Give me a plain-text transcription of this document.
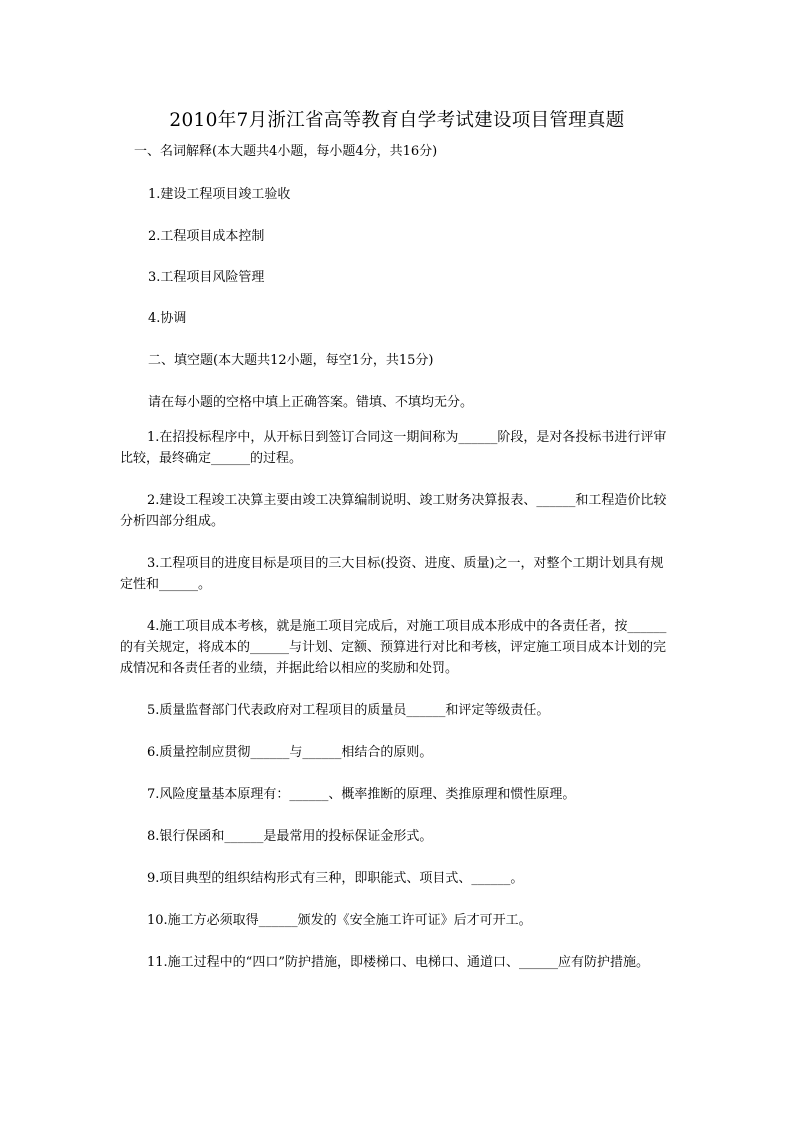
2010年7月浙江省高等教育自学考试建设项目管理真题
一、名词解释(本大题共4小题，每小题4分，共16分)
1.建设工程项目竣工验收
2.工程项目成本控制
3.工程项目风险管理
4.协调
二、填空题(本大题共12小题，每空1分，共15分)
请在每小题的空格中填上正确答案。错填、不填均无分。
1.在招投标程序中，从开标日到签订合同这一期间称为______阶段，是对各投标书进行评审比较，最终确定______的过程。
2.建设工程竣工决算主要由竣工决算编制说明、竣工财务决算报表、______和工程造价比较分析四部分组成。
3.工程项目的进度目标是项目的三大目标(投资、进度、质量)之一，对整个工期计划具有规定性和______。
4.施工项目成本考核，就是施工项目完成后，对施工项目成本形成中的各责任者，按______的有关规定，将成本的______与计划、定额、预算进行对比和考核，评定施工项目成本计划的完成情况和各责任者的业绩，并据此给以相应的奖励和处罚。
5.质量监督部门代表政府对工程项目的质量员______和评定等级责任。
6.质量控制应贯彻______与______相结合的原则。
7.风险度量基本原理有：______、概率推断的原理、类推原理和惯性原理。
8.银行保函和______是最常用的投标保证金形式。
9.项目典型的组织结构形式有三种，即职能式、项目式、______。
10.施工方必须取得______颁发的《安全施工许可证》后才可开工。
11.施工过程中的“四口”防护措施，即楼梯口、电梯口、通道口、______应有防护措施。
